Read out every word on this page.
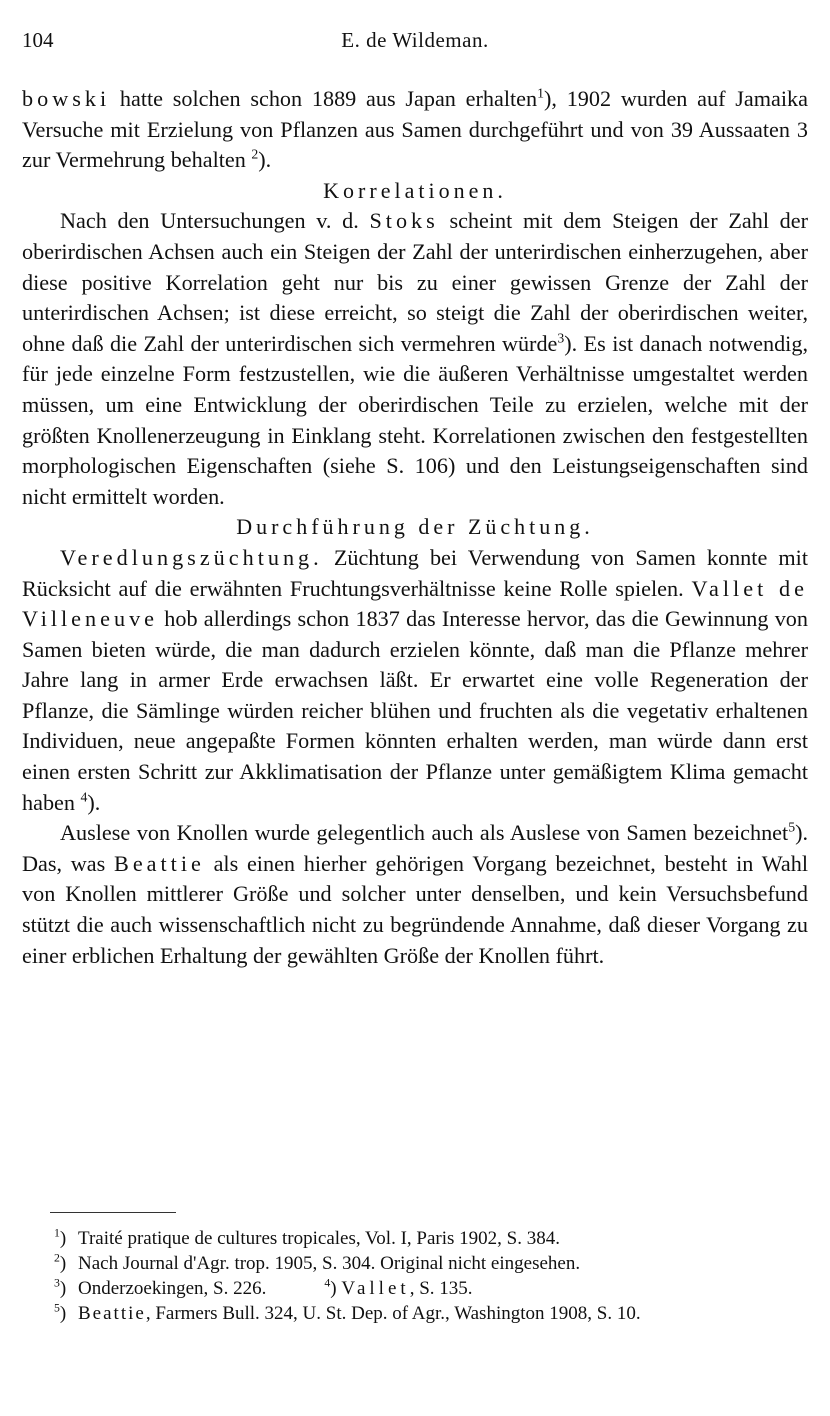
104	E. de Wildeman.

bowski hatte solchen schon 1889 aus Japan erhalten$^1$), 1902 wurden auf Jamaika Versuche mit Erzielung von Pflanzen aus Samen durchgeführt und von 39 Aussaaten 3 zur Vermehrung behalten $^2$).

Korrelationen.

Nach den Untersuchungen v. d. Stoks scheint mit dem Steigen der Zahl der oberirdischen Achsen auch ein Steigen der Zahl der unterirdischen einherzugehen, aber diese positive Korrelation geht nur bis zu einer gewissen Grenze der Zahl der unterirdischen Achsen; ist diese erreicht, so steigt die Zahl der oberirdischen weiter, ohne daß die Zahl der unterirdischen sich vermehren würde$^3$). Es ist danach notwendig, für jede einzelne Form festzustellen, wie die äußeren Verhältnisse umgestaltet werden müssen, um eine Entwicklung der oberirdischen Teile zu erzielen, welche mit der größten Knollenerzeugung in Einklang steht. Korrelationen zwischen den festgestellten morphologischen Eigenschaften (siehe S. 106) und den Leistungseigenschaften sind nicht ermittelt worden.

Durchführung der Züchtung.

Veredlungszüchtung. Züchtung bei Verwendung von Samen konnte mit Rücksicht auf die erwähnten Fruchtungsverhältnisse keine Rolle spielen. Vallet de Villeneuve hob allerdings schon 1837 das Interesse hervor, das die Gewinnung von Samen bieten würde, die man dadurch erzielen könnte, daß man die Pflanze mehrer Jahre lang in armer Erde erwachsen läßt. Er erwartet eine volle Regeneration der Pflanze, die Sämlinge würden reicher blühen und fruchten als die vegetativ erhaltenen Individuen, neue angepaßte Formen könnten erhalten werden, man würde dann erst einen ersten Schritt zur Akklimatisation der Pflanze unter gemäßigtem Klima gemacht haben $^4$).

Auslese von Knollen wurde gelegentlich auch als Auslese von Samen bezeichnet$^5$). Das, was Beattie als einen hierher gehörigen Vorgang bezeichnet, besteht in Wahl von Knollen mittlerer Größe und solcher unter denselben, und kein Versuchsbefund stützt die auch wissenschaftlich nicht zu begründende Annahme, daß dieser Vorgang zu einer erblichen Erhaltung der gewählten Größe der Knollen führt.

$^1$) Traité pratique de cultures tropicales, Vol. I, Paris 1902, S. 384.
$^2$) Nach Journal d'Agr. trop. 1905, S. 304. Original nicht eingesehen.
$^3$) Onderzoekingen, S. 226.	$^4$) Vallet, S. 135.
$^5$) Beattie, Farmers Bull. 324, U. St. Dep. of Agr., Washington 1908, S. 10.
